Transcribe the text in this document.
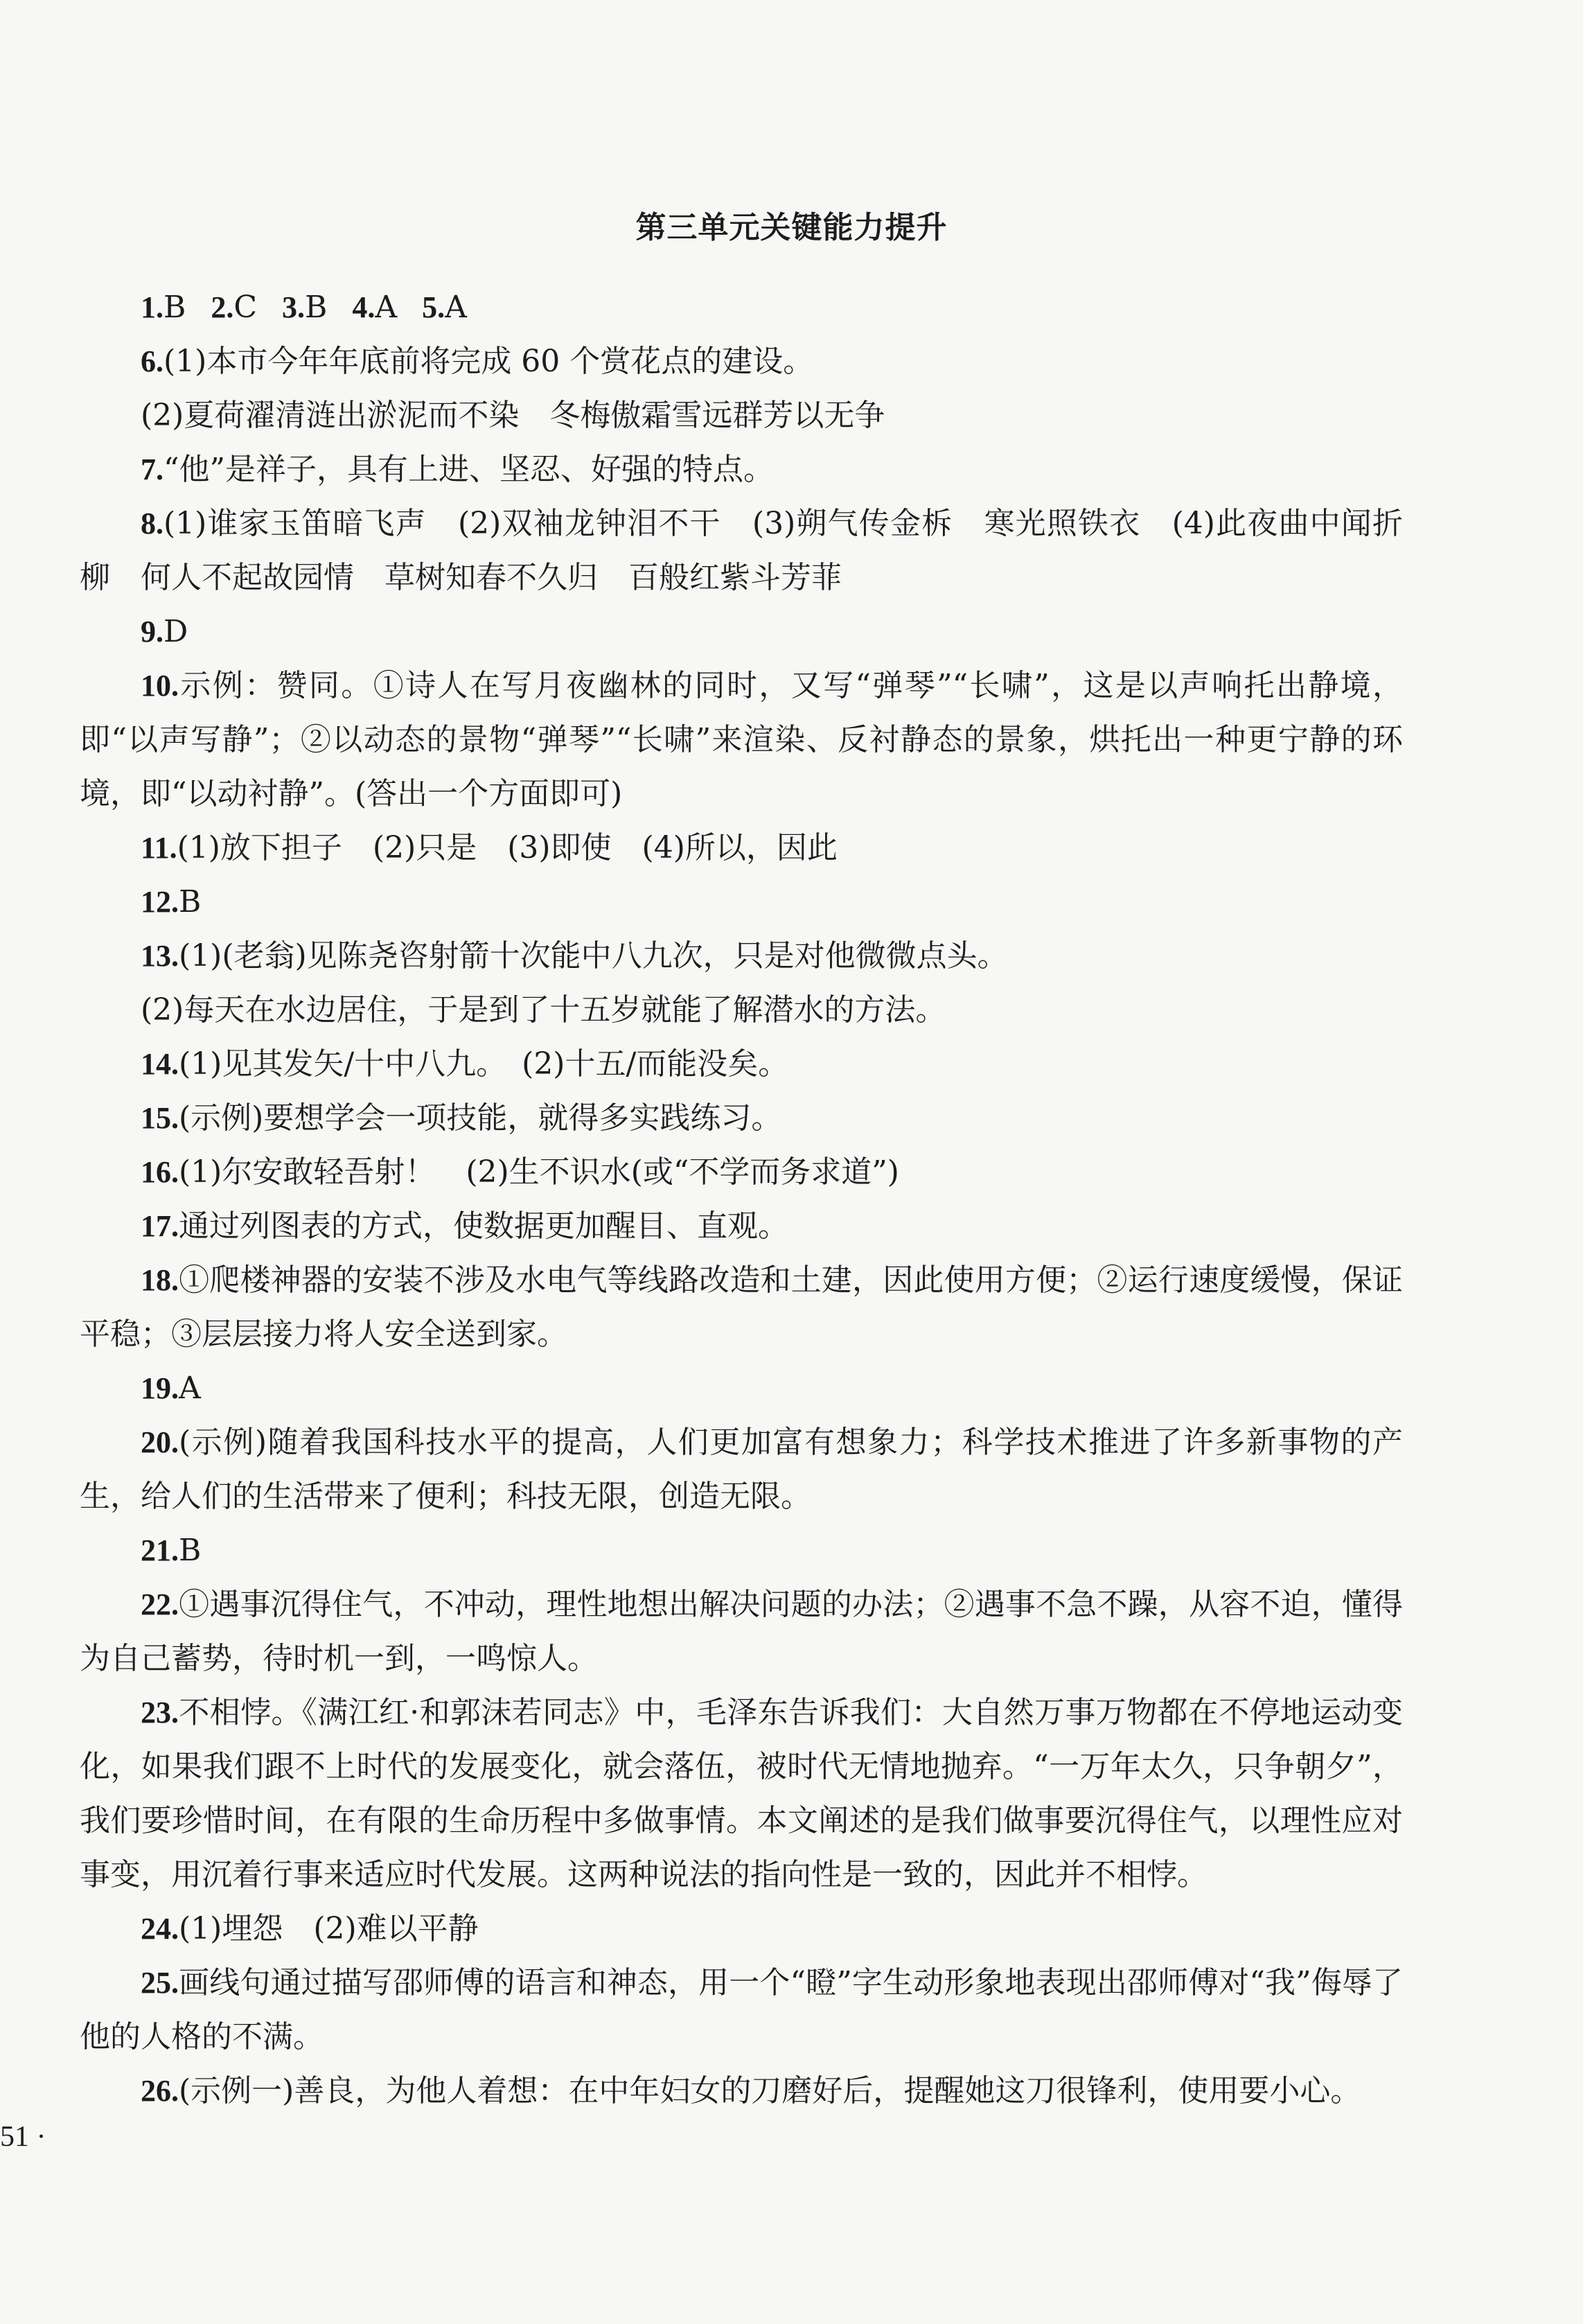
第三单元关键能力提升

1.B 2.C 3.B 4.A 5.A

6.(1)本市今年年底前将完成 60 个赏花点的建设。

(2)夏荷濯清涟出淤泥而不染　冬梅傲霜雪远群芳以无争

7.“他”是祥子，具有上进、坚忍、好强的特点。

8.(1)谁家玉笛暗飞声　(2)双袖龙钟泪不干　(3)朔气传金柝　寒光照铁衣　(4)此夜曲中闻折柳　何人不起故园情　草树知春不久归　百般红紫斗芳菲

9.D

10.示例：赞同。①诗人在写月夜幽林的同时，又写“弹琴”“长啸”，这是以声响托出静境，即“以声写静”；②以动态的景物“弹琴”“长啸”来渲染、反衬静态的景象，烘托出一种更宁静的环境，即“以动衬静”。(答出一个方面即可)

11.(1)放下担子　(2)只是　(3)即使　(4)所以，因此

12.B

13.(1)(老翁)见陈尧咨射箭十次能中八九次，只是对他微微点头。

(2)每天在水边居住，于是到了十五岁就能了解潜水的方法。

14.(1)见其发矢/十中八九。　(2)十五/而能没矣。

15.(示例)要想学会一项技能，就得多实践练习。

16.(1)尔安敢轻吾射！　(2)生不识水(或“不学而务求道”)

17.通过列图表的方式，使数据更加醒目、直观。

18.①爬楼神器的安装不涉及水电气等线路改造和土建，因此使用方便；②运行速度缓慢，保证平稳；③层层接力将人安全送到家。

19.A

20.(示例)随着我国科技水平的提高，人们更加富有想象力；科学技术推进了许多新事物的产生，给人们的生活带来了便利；科技无限，创造无限。

21.B

22.①遇事沉得住气，不冲动，理性地想出解决问题的办法；②遇事不急不躁，从容不迫，懂得为自己蓄势，待时机一到，一鸣惊人。

23.不相悖。《满江红·和郭沫若同志》中，毛泽东告诉我们：大自然万事万物都在不停地运动变化，如果我们跟不上时代的发展变化，就会落伍，被时代无情地抛弃。“一万年太久，只争朝夕”，我们要珍惜时间，在有限的生命历程中多做事情。本文阐述的是我们做事要沉得住气，以理性应对事变，用沉着行事来适应时代发展。这两种说法的指向性是一致的，因此并不相悖。

24.(1)埋怨　(2)难以平静

25.画线句通过描写邵师傅的语言和神态，用一个“瞪”字生动形象地表现出邵师傅对“我”侮辱了他的人格的不满。

26.(示例一)善良，为他人着想：在中年妇女的刀磨好后，提醒她这刀很锋利，使用要小心。

51 ·
